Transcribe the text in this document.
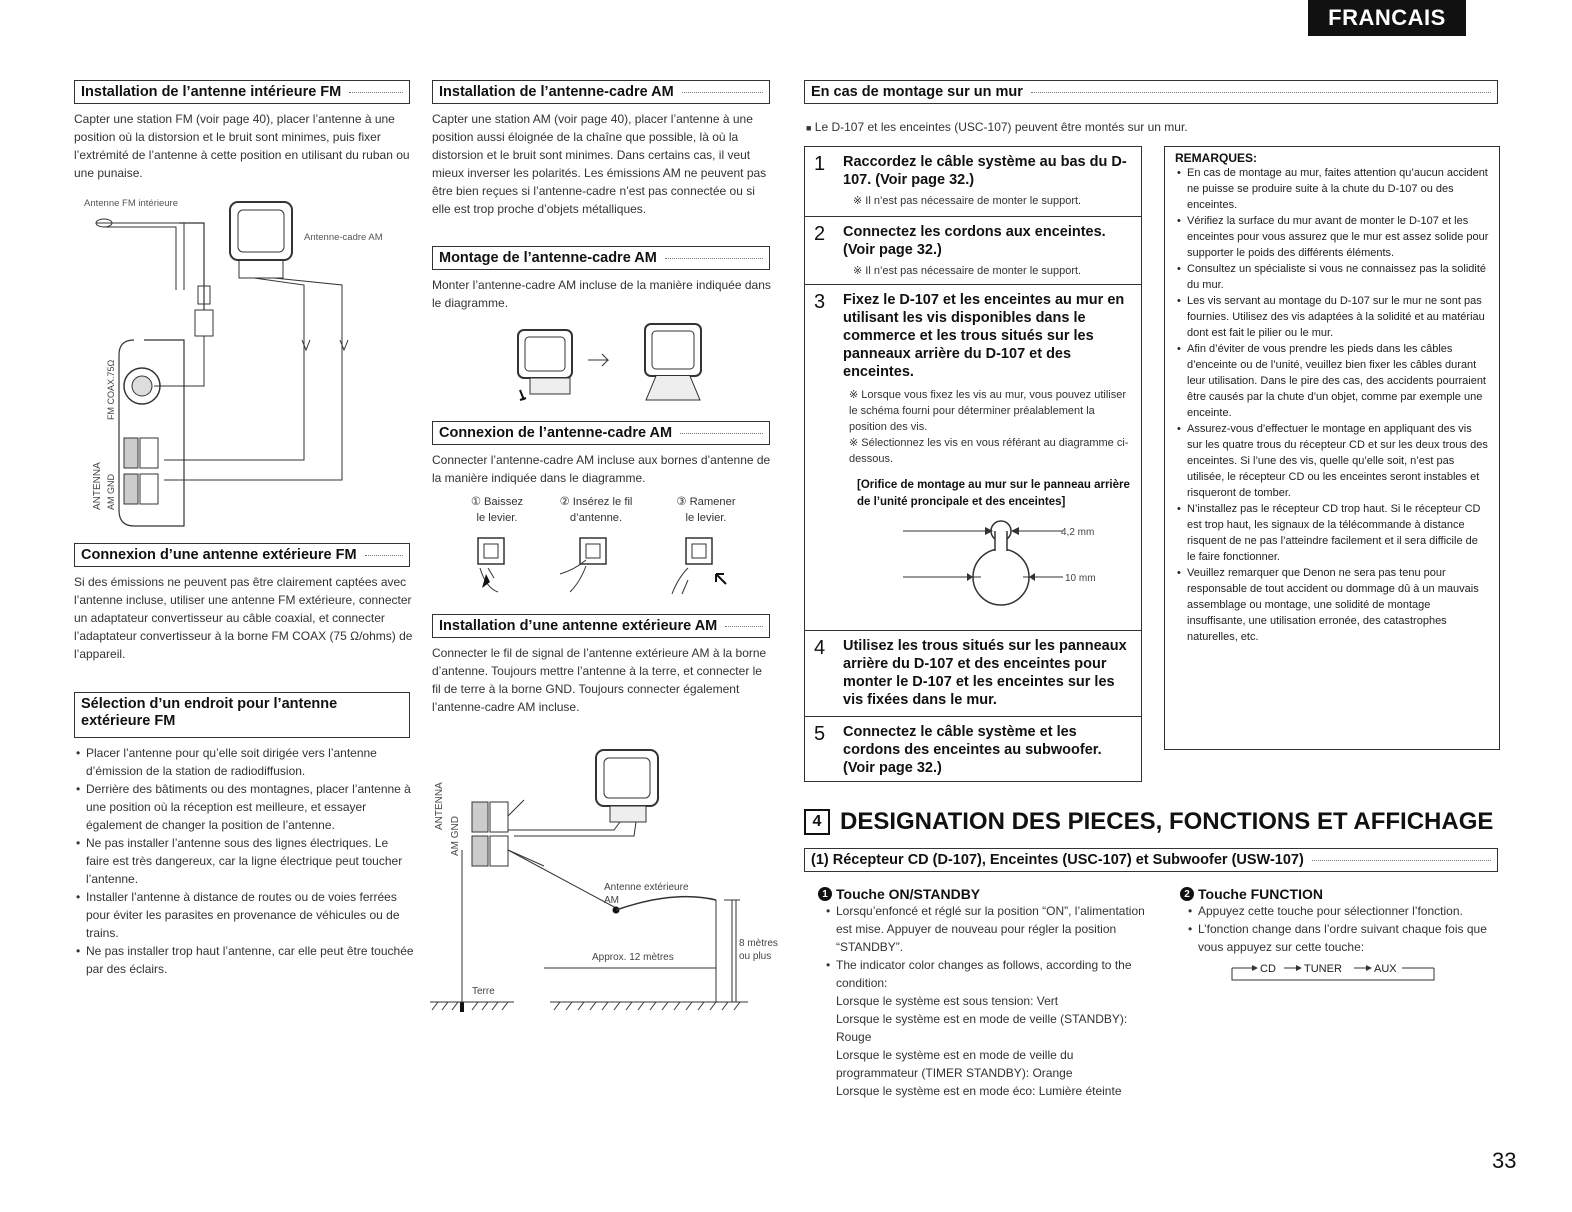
FRANCAIS
Installation de l’antenne intérieure FM
Capter une station FM (voir page 40), placer l’antenne à une position où la distorsion et le bruit sont minimes, puis fixer l’extrémité de l’antenne à cette position en utilisant du ruban ou une punaise.
Antenne FM intérieure
Antenne-cadre AM
ANTENNA
FM COAX.75Ω
AM GND
Connexion d’une antenne extérieure FM
Si des émissions ne peuvent pas être clairement captées avec l’antenne incluse, utiliser une antenne FM extérieure, connecter un adaptateur convertisseur au câble coaxial, et connecter l’adaptateur convertisseur à la borne FM COAX (75 Ω/ohms) de l’appareil.
Sélection d’un endroit pour l’antenne
extérieure FM
• Placer l’antenne pour qu’elle soit dirigée vers l’antenne d’émission de la station de radiodiffusion.
• Derrière des bâtiments ou des montagnes, placer l’antenne à une position où la réception est meilleure, et essayer également de changer la position de l’antenne.
• Ne pas installer l’antenne sous des lignes électriques. Le faire est très dangereux, car la ligne électrique peut toucher l’antenne.
• Installer l’antenne à distance de routes ou de voies ferrées pour éviter les parasites en provenance de véhicules ou de trains.
• Ne pas installer trop haut l’antenne, car elle peut être touchée par des éclairs.
Installation de l’antenne-cadre AM
Capter une station AM (voir page 40), placer l’antenne à une position aussi éloignée de la chaîne que possible, là où la distorsion et le bruit sont minimes. Dans certains cas, il veut mieux inverser les polarités. Les émissions AM ne peuvent pas être bien reçues si l’antenne-cadre n’est pas connectée ou si elle est trop proche d’objets métalliques.
Montage de l’antenne-cadre AM
Monter l’antenne-cadre AM incluse de la manière indiquée dans le diagramme.
Connexion de l’antenne-cadre AM
Connecter l’antenne-cadre AM incluse aux bornes d’antenne de la manière indiquée dans le diagramme.
① Baissez
le levier.
② Insérez le fil
d’antenne.
③ Ramener
le levier.
Installation d’une antenne extérieure AM
Connecter le fil de signal de l’antenne extérieure AM à la borne d’antenne. Toujours mettre l’antenne à la terre, et connecter le fil de terre à la borne GND. Toujours connecter également l’antenne-cadre AM incluse.
ANTENNA
AM GND
Terre
Antenne extérieure
AM
Approx. 12 mètres
8 mètres
ou plus
En cas de montage sur un mur
■ Le D-107 et les enceintes (USC-107) peuvent être montés sur un mur.
1 Raccordez le câble système au bas du D-107. (Voir page 32.)
※ Il n’est pas nécessaire de monter le support.
2 Connectez les cordons aux enceintes. (Voir page 32.)
※ Il n’est pas nécessaire de monter le support.
3 Fixez le D-107 et les enceintes au mur en utilisant les vis disponibles dans le commerce et les trous situés sur les panneaux arrière du D-107 et des enceintes.
※ Lorsque vous fixez les vis au mur, vous pouvez utiliser le schéma fourni pour déterminer préalablement la position des vis.
※ Sélectionnez les vis en vous référant au diagramme ci-dessous.
[Orifice de montage au mur sur le panneau arrière de l’unité proncipale et des enceintes]
4,2 mm
10 mm
4 Utilisez les trous situés sur les panneaux arrière du D-107 et des enceintes pour monter le D-107 et les enceintes sur les vis fixées dans le mur.
5 Connectez le câble système et les cordons des enceintes au subwoofer. (Voir page 32.)
REMARQUES:
• En cas de montage au mur, faites attention qu’aucun accident ne puisse se produire suite à la chute du D-107 ou des enceintes.
• Vérifiez la surface du mur avant de monter le D-107 et les enceintes pour vous assurez que le mur est assez solide pour supporter le poids des différents éléments.
• Consultez un spécialiste si vous ne connaissez pas la solidité du mur.
• Les vis servant au montage du D-107 sur le mur ne sont pas fournies. Utilisez des vis adaptées à la solidité et au matériau dont est fait le pilier ou le mur.
• Afin d’éviter de vous prendre les pieds dans les câbles d’enceinte ou de l’unité, veuillez bien fixer les câbles durant leur utilisation. Dans le pire des cas, des accidents pourraient être causés par la chute d’un objet, comme par exemple une enceinte.
• Assurez-vous d’effectuer le montage en appliquant des vis sur les quatre trous du récepteur CD et sur les deux trous des enceintes. Si l’une des vis, quelle qu’elle soit, n’est pas utilisée, le récepteur CD ou les enceintes seront instables et risqueront de tomber.
• N’installez pas le récepteur CD trop haut. Si le récepteur CD est trop haut, les signaux de la télécommande à distance risquent de ne pas l’atteindre facilement et il sera difficile de le faire fonctionner.
• Veuillez remarquer que Denon ne sera pas tenu pour responsable de tout accident ou dommage dû à un mauvais assemblage ou montage, une solidité de montage insuffisante, une utilisation erronée, des catastrophes naturelles, etc.
4 DESIGNATION DES PIECES, FONCTIONS ET AFFICHAGE
(1) Récepteur CD (D-107), Enceintes (USC-107) et Subwoofer (USW-107)
1 Touche ON/STANDBY
• Lorsqu’enfoncé et réglé sur la position “ON”, l’alimentation est mise. Appuyer de nouveau pour régler la position “STANDBY”.
• The indicator color changes as follows, according to the condition:
Lorsque le système est sous tension: Vert
Lorsque le système est en mode de veille (STANDBY): Rouge
Lorsque le système est en mode de veille du programmateur (TIMER STANDBY): Orange
Lorsque le système est en mode éco: Lumière éteinte
2 Touche FUNCTION
• Appuyez cette touche pour sélectionner l’fonction.
• L’fonction change dans l’ordre suivant chaque fois que vous appuyez sur cette touche:
CD	TUNER	AUX
33
